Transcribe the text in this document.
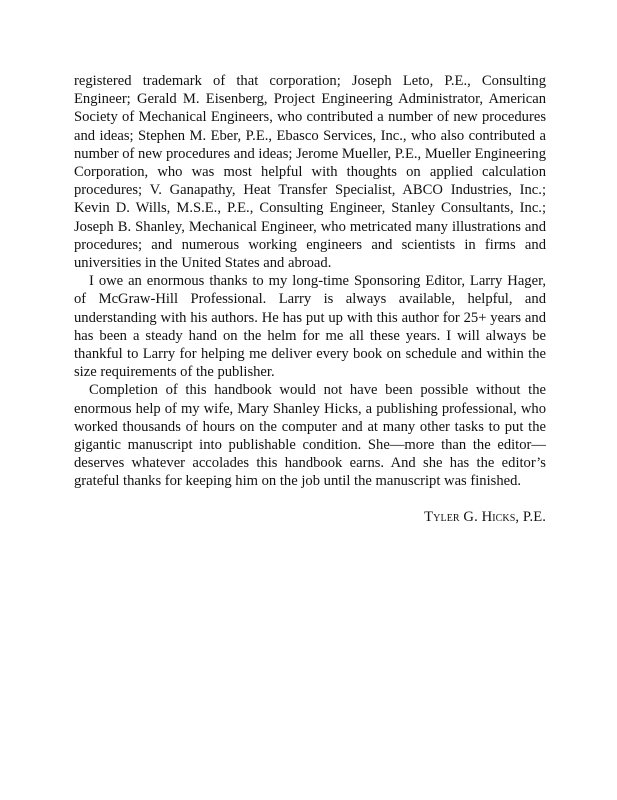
registered trademark of that corporation; Joseph Leto, P.E., Consulting Engineer; Gerald M. Eisenberg, Project Engineering Administrator, American Society of Mechanical Engineers, who contributed a number of new procedures and ideas; Stephen M. Eber, P.E., Ebasco Services, Inc., who also contributed a number of new procedures and ideas; Jerome Mueller, P.E., Mueller Engineering Corporation, who was most helpful with thoughts on applied calculation procedures; V. Ganapathy, Heat Transfer Specialist, ABCO Industries, Inc.; Kevin D. Wills, M.S.E., P.E., Consulting Engineer, Stanley Consultants, Inc.; Joseph B. Shanley, Mechanical Engineer, who metricated many illustrations and procedures; and numerous working engineers and scientists in firms and universities in the United States and abroad.

I owe an enormous thanks to my long-time Sponsoring Editor, Larry Hager, of McGraw-Hill Professional. Larry is always available, helpful, and understanding with his authors. He has put up with this author for 25+ years and has been a steady hand on the helm for me all these years. I will always be thankful to Larry for helping me deliver every book on schedule and within the size requirements of the publisher.

Completion of this handbook would not have been possible without the enormous help of my wife, Mary Shanley Hicks, a publishing professional, who worked thousands of hours on the computer and at many other tasks to put the gigantic manuscript into publishable condition. She—more than the editor—deserves whatever accolades this handbook earns. And she has the editor’s grateful thanks for keeping him on the job until the manuscript was finished.

Tyler G. Hicks, P.E.
